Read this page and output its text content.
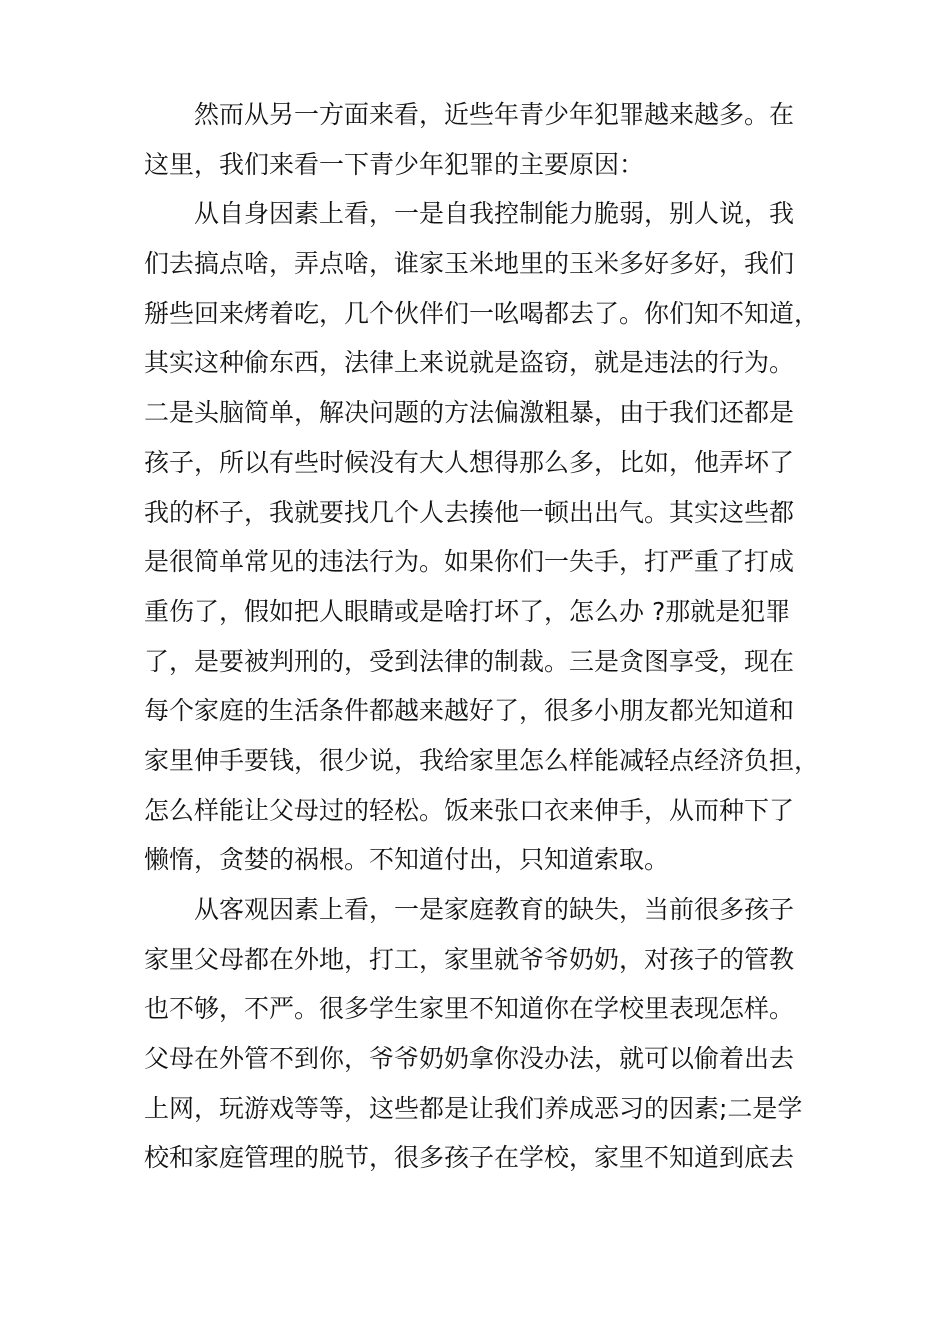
然而从另一方面来看，近些年青少年犯罪越来越多。在
这里，我们来看一下青少年犯罪的主要原因：
从自身因素上看，一是自我控制能力脆弱，别人说，我
们去搞点啥，弄点啥，谁家玉米地里的玉米多好多好，我们
掰些回来烤着吃，几个伙伴们一吆喝都去了。你们知不知道，
其实这种偷东西，法律上来说就是盗窃，就是违法的行为。
二是头脑简单，解决问题的方法偏激粗暴，由于我们还都是
孩子，所以有些时候没有大人想得那么多，比如，他弄坏了
我的杯子，我就要找几个人去揍他一顿出出气。其实这些都
是很简单常见的违法行为。如果你们一失手，打严重了打成
重伤了，假如把人眼睛或是啥打坏了，怎么办 ?那就是犯罪
了，是要被判刑的，受到法律的制裁。三是贪图享受，现在
每个家庭的生活条件都越来越好了，很多小朋友都光知道和
家里伸手要钱，很少说，我给家里怎么样能减轻点经济负担，
怎么样能让父母过的轻松。饭来张口衣来伸手，从而种下了
懒惰，贪婪的祸根。不知道付出，只知道索取。
从客观因素上看，一是家庭教育的缺失，当前很多孩子
家里父母都在外地，打工，家里就爷爷奶奶，对孩子的管教
也不够，不严。很多学生家里不知道你在学校里表现怎样。
父母在外管不到你，爷爷奶奶拿你没办法，就可以偷着出去
上网，玩游戏等等，这些都是让我们养成恶习的因素;二是学
校和家庭管理的脱节，很多孩子在学校，家里不知道到底去
